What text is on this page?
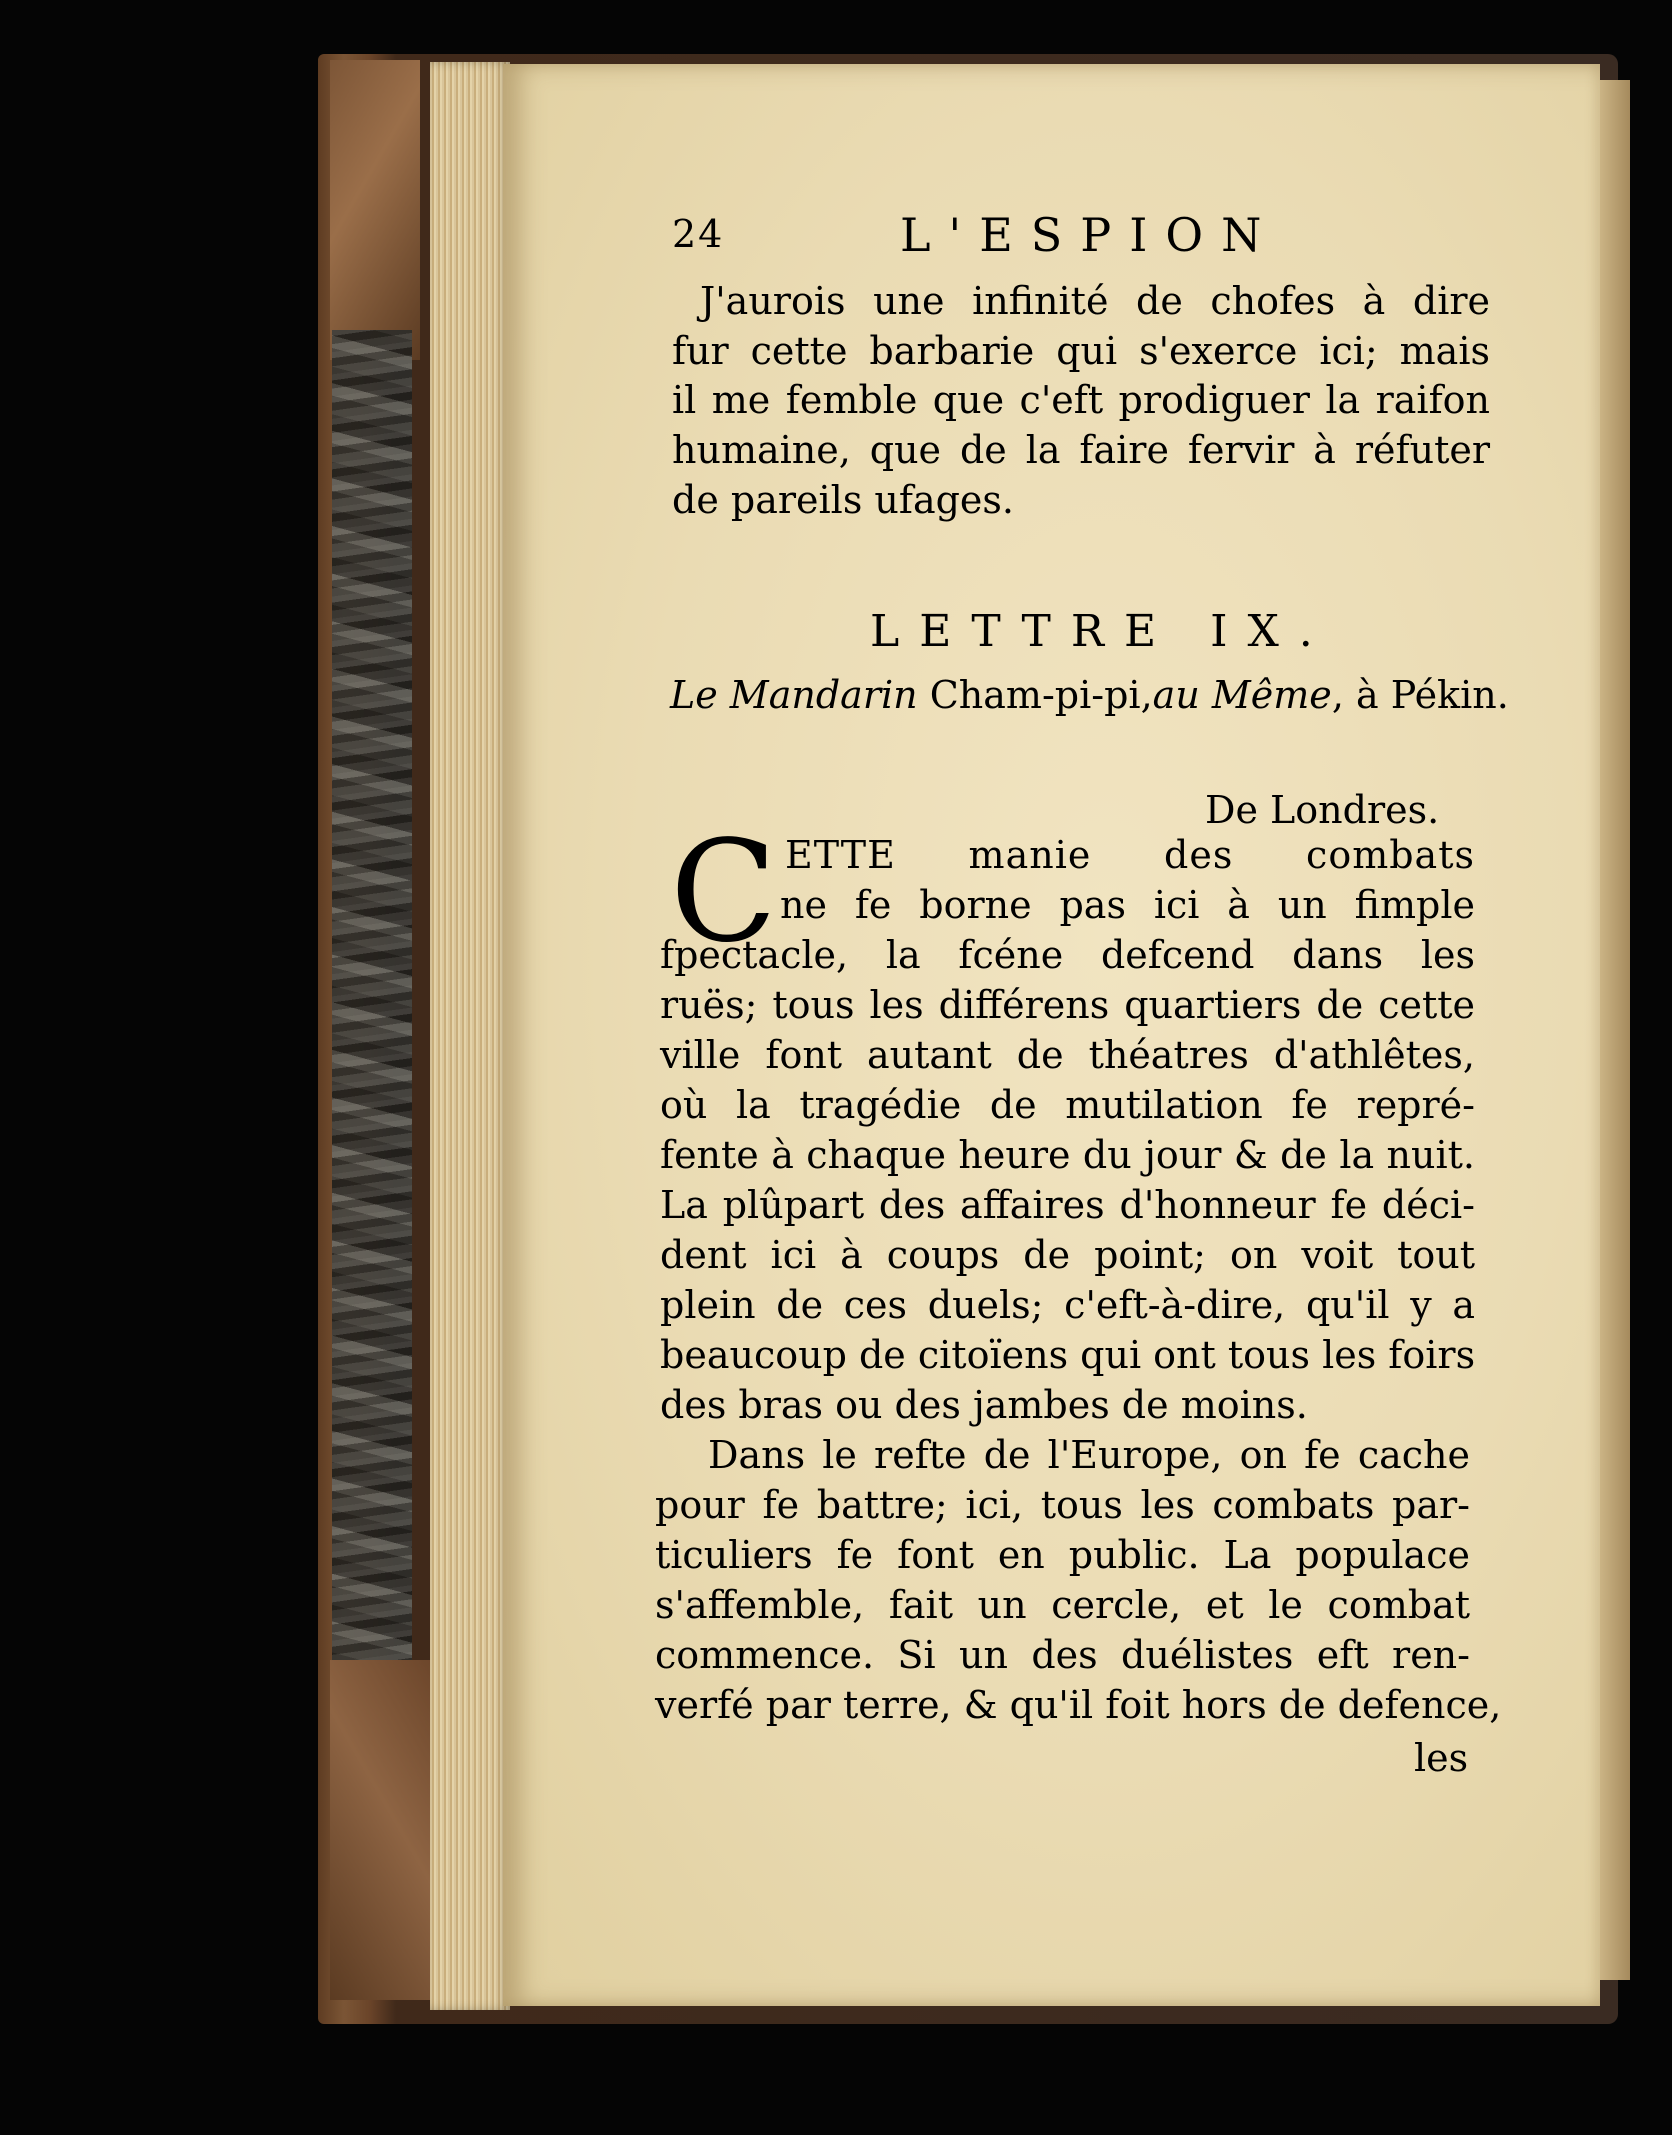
24	L'ESPION
J'aurois une infinité de chofes à dire
fur cette barbarie qui s'exerce ici; mais
il me femble que c'eft prodiguer la raifon
humaine, que de la faire fervir à réfuter
de pareils ufages.
LETTRE IX.
Le Mandarin Cham-pi-pi,au Même, à Pékin.
De Londres.
C ETTE manie des combats
ne fe borne pas ici à un fimple
fpectacle, la fcéne defcend dans les
ruës; tous les différens quartiers de cette
ville font autant de théatres d'athlêtes,
où la tragédie de mutilation fe repré-
fente à chaque heure du jour & de la nuit.
La plûpart des affaires d'honneur fe déci-
dent ici à coups de point; on voit tout
plein de ces duels; c'eft-à-dire, qu'il y a
beaucoup de citoïens qui ont tous les foirs
des bras ou des jambes de moins.
Dans le refte de l'Europe, on fe cache
pour fe battre; ici, tous les combats par-
ticuliers fe font en public. La populace
s'affemble, fait un cercle, et le combat
commence. Si un des duélistes eft ren-
verfé par terre, & qu'il foit hors de defence,
les
